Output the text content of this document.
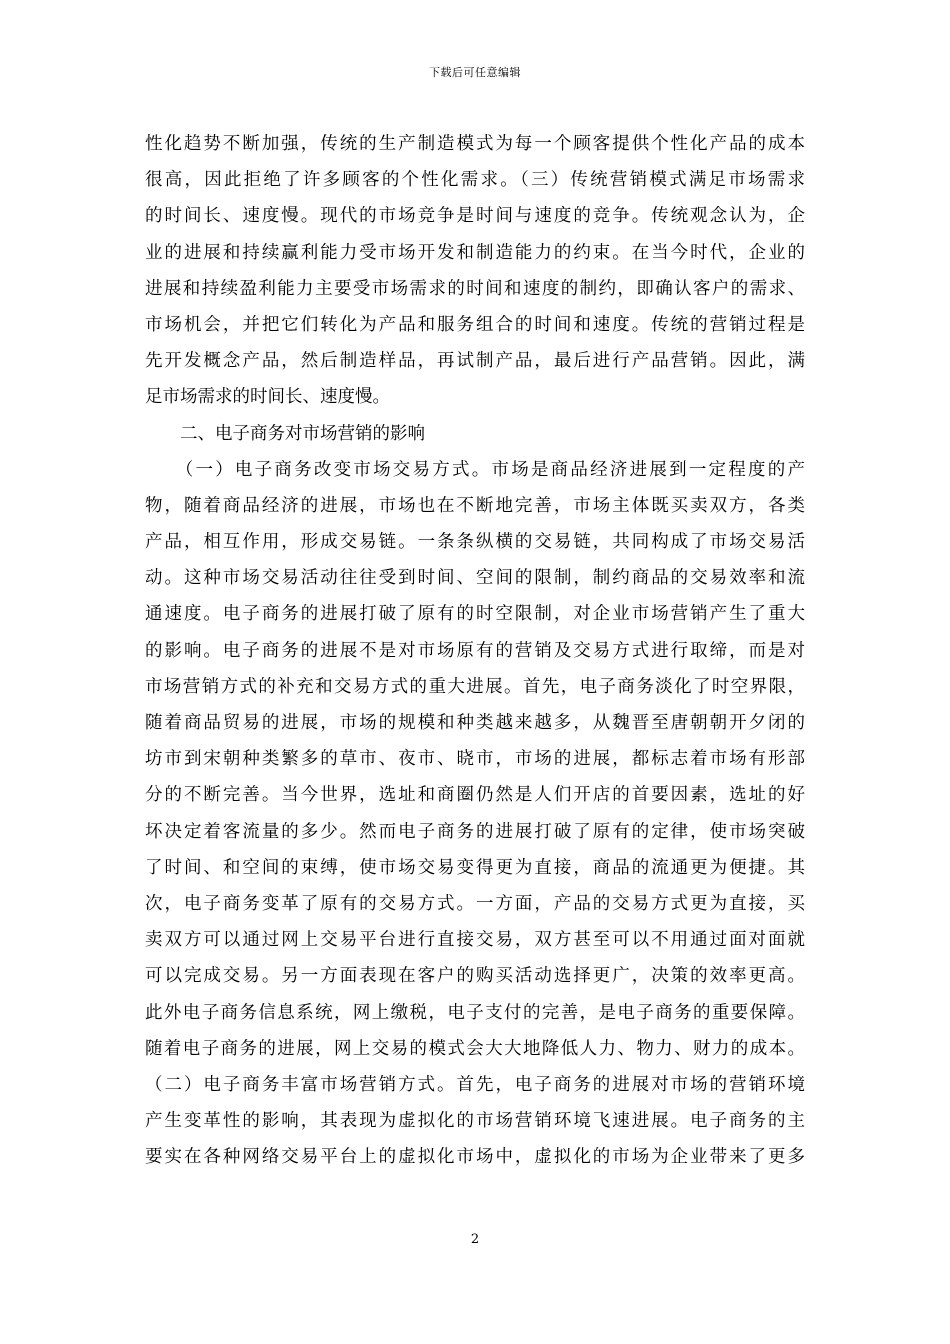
下载后可任意编辑
性化趋势不断加强，传统的生产制造模式为每一个顾客提供个性化产品的成本
很高，因此拒绝了许多顾客的个性化需求。（三）传统营销模式满足市场需求
的时间长、速度慢。现代的市场竞争是时间与速度的竞争。传统观念认为，企
业的进展和持续赢利能力受市场开发和制造能力的约束。在当今时代，企业的
进展和持续盈利能力主要受市场需求的时间和速度的制约，即确认客户的需求、
市场机会，并把它们转化为产品和服务组合的时间和速度。传统的营销过程是
先开发概念产品，然后制造样品，再试制产品，最后进行产品营销。因此，满
足市场需求的时间长、速度慢。
　　二、电子商务对市场营销的影响
　　（一）电子商务改变市场交易方式。市场是商品经济进展到一定程度的产
物，随着商品经济的进展，市场也在不断地完善，市场主体既买卖双方，各类
产品，相互作用，形成交易链。一条条纵横的交易链，共同构成了市场交易活
动。这种市场交易活动往往受到时间、空间的限制，制约商品的交易效率和流
通速度。电子商务的进展打破了原有的时空限制，对企业市场营销产生了重大
的影响。电子商务的进展不是对市场原有的营销及交易方式进行取缔，而是对
市场营销方式的补充和交易方式的重大进展。首先，电子商务淡化了时空界限，
随着商品贸易的进展，市场的规模和种类越来越多，从魏晋至唐朝朝开夕闭的
坊市到宋朝种类繁多的草市、夜市、晓市，市场的进展，都标志着市场有形部
分的不断完善。当今世界，选址和商圈仍然是人们开店的首要因素，选址的好
坏决定着客流量的多少。然而电子商务的进展打破了原有的定律，使市场突破
了时间、和空间的束缚，使市场交易变得更为直接，商品的流通更为便捷。其
次，电子商务变革了原有的交易方式。一方面，产品的交易方式更为直接，买
卖双方可以通过网上交易平台进行直接交易，双方甚至可以不用通过面对面就
可以完成交易。另一方面表现在客户的购买活动选择更广，决策的效率更高。
此外电子商务信息系统，网上缴税，电子支付的完善，是电子商务的重要保障。
随着电子商务的进展，网上交易的模式会大大地降低人力、物力、财力的成本。
（二）电子商务丰富市场营销方式。首先，电子商务的进展对市场的营销环境
产生变革性的影响，其表现为虚拟化的市场营销环境飞速进展。电子商务的主
要实在各种网络交易平台上的虚拟化市场中，虚拟化的市场为企业带来了更多
2
